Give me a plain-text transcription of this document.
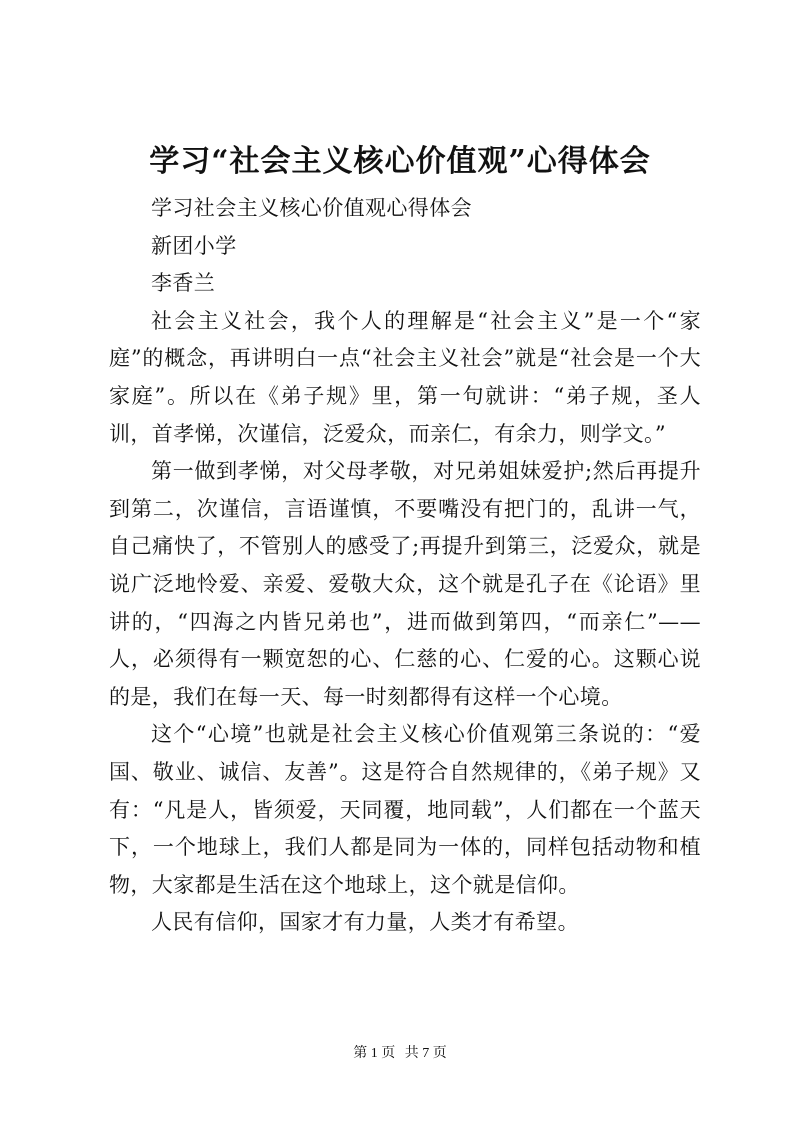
学习“社会主义核心价值观”心得体会

学习社会主义核心价值观心得体会

新团小学

李香兰

社会主义社会，我个人的理解是“社会主义”是一个“家庭”的概念，再讲明白一点“社会主义社会”就是“社会是一个大家庭”。所以在《弟子规》里，第一句就讲：“弟子规，圣人训，首孝悌，次谨信，泛爱众，而亲仁，有余力，则学文。”

第一做到孝悌，对父母孝敬，对兄弟姐妹爱护;然后再提升到第二，次谨信，言语谨慎，不要嘴没有把门的，乱讲一气，自己痛快了，不管别人的感受了;再提升到第三，泛爱众，就是说广泛地怜爱、亲爱、爱敬大众，这个就是孔子在《论语》里讲的，“四海之内皆兄弟也”，进而做到第四，“而亲仁”——人，必须得有一颗宽恕的心、仁慈的心、仁爱的心。这颗心说的是，我们在每一天、每一时刻都得有这样一个心境。

这个“心境”也就是社会主义核心价值观第三条说的：“爱国、敬业、诚信、友善”。这是符合自然规律的，《弟子规》又有：“凡是人，皆须爱，天同覆，地同载”，人们都在一个蓝天下，一个地球上，我们人都是同为一体的，同样包括动物和植物，大家都是生活在这个地球上，这个就是信仰。

人民有信仰，国家才有力量，人类才有希望。

第 1 页 共 7 页
